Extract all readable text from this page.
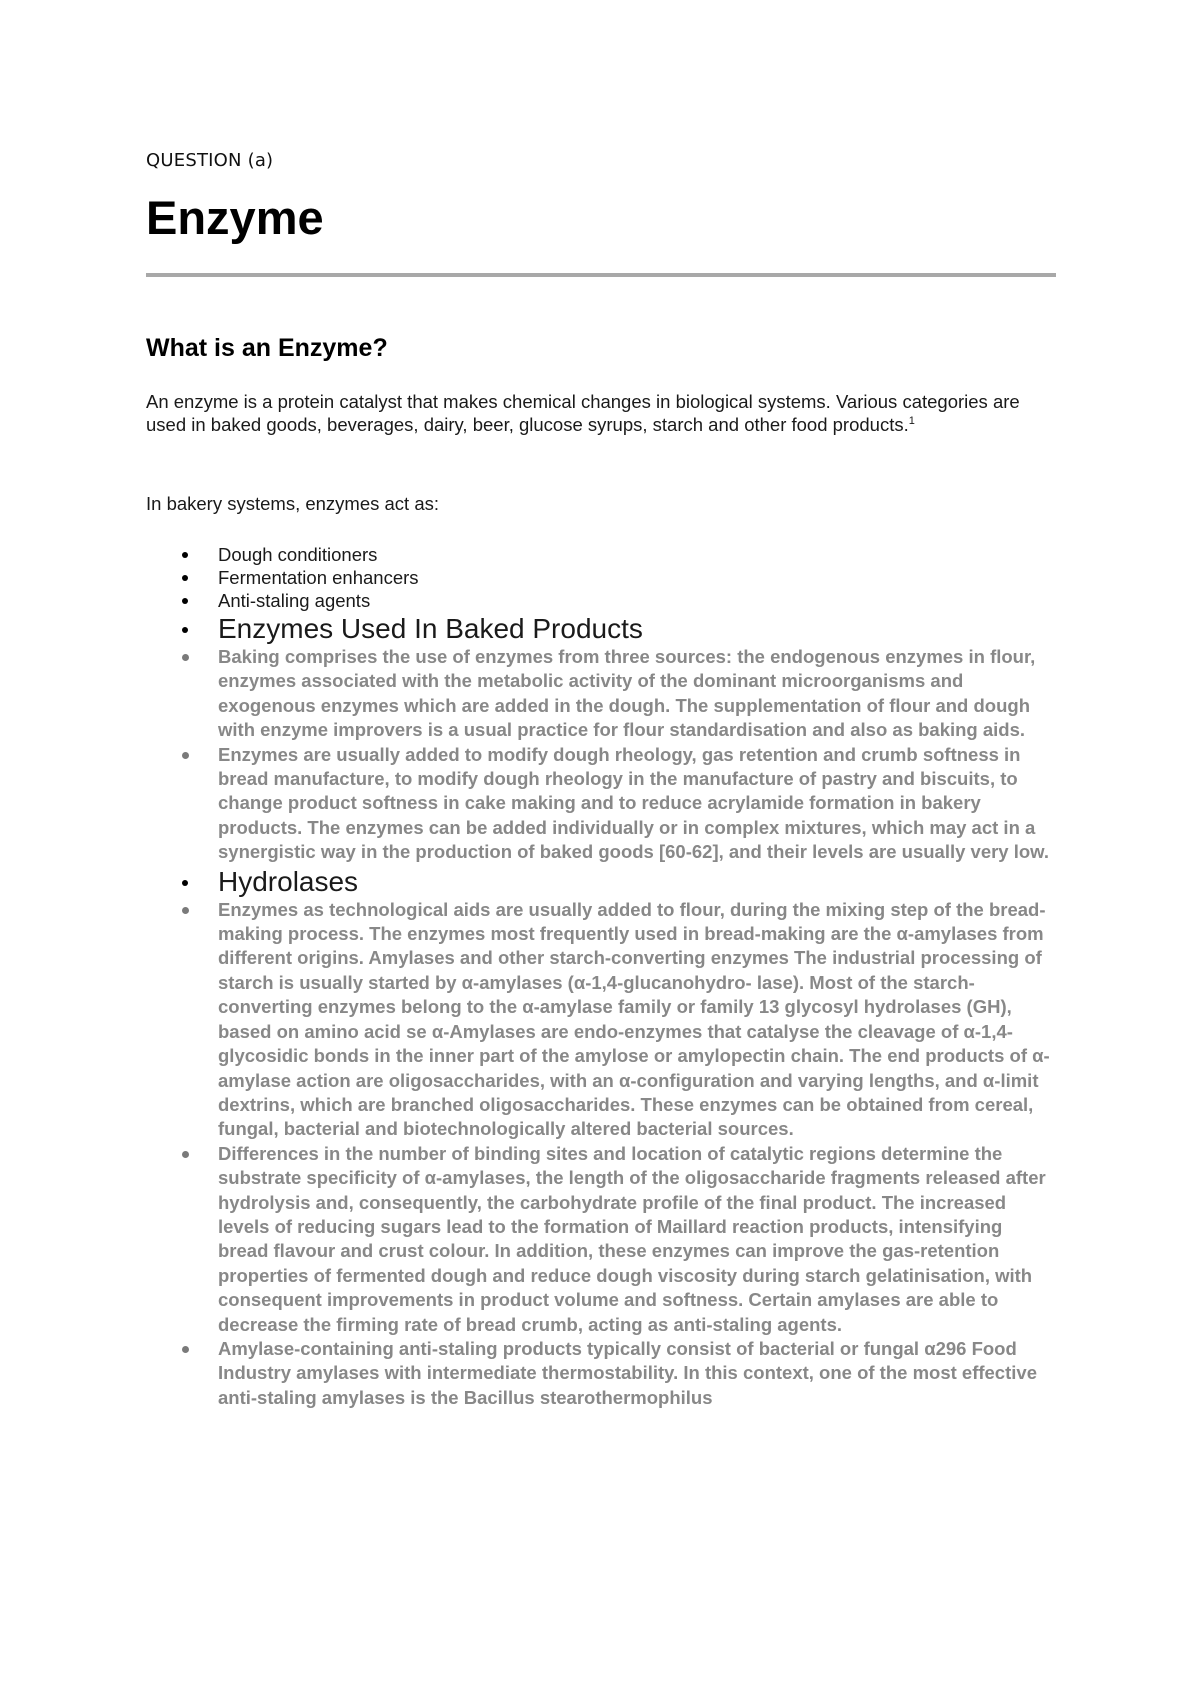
QUESTION (a)
Enzyme
What is an Enzyme?

An enzyme is a protein catalyst that makes chemical changes in biological systems. Various categories are used in baked goods, beverages, dairy, beer, glucose syrups, starch and other food products.$^1$

In bakery systems, enzymes act as:

Dough conditioners
Fermentation enhancers
Anti-staling agents
Enzymes Used In Baked Products
Baking comprises the use of enzymes from three sources: the endogenous enzymes in flour, enzymes associated with the metabolic activity of the dominant microorganisms and exogenous enzymes which are added in the dough. The supplementation of flour and dough with enzyme improvers is a usual practice for flour standardisation and also as baking aids.
Enzymes are usually added to modify dough rheology, gas retention and crumb softness in bread manufacture, to modify dough rheology in the manufacture of pastry and biscuits, to change product softness in cake making and to reduce acrylamide formation in bakery products. The enzymes can be added individually or in complex mixtures, which may act in a synergistic way in the production of baked goods [60-62], and their levels are usually very low.
Hydrolases
Enzymes as technological aids are usually added to flour, during the mixing step of the bread-making process. The enzymes most frequently used in bread-making are the α-amylases from different origins. Amylases and other starch-converting enzymes The industrial processing of starch is usually started by α-amylases (α-1,4-glucanohydro- lase). Most of the starch-converting enzymes belong to the α-amylase family or family 13 glycosyl hydrolases (GH), based on amino acid se α-Amylases are endo-enzymes that catalyse the cleavage of α-1,4-glycosidic bonds in the inner part of the amylose or amylopectin chain. The end products of α-amylase action are oligosaccharides, with an α-configuration and varying lengths, and α-limit dextrins, which are branched oligosaccharides. These enzymes can be obtained from cereal, fungal, bacterial and biotechnologically altered bacterial sources.
Differences in the number of binding sites and location of catalytic regions determine the substrate specificity of α-amylases, the length of the oligosaccharide fragments released after hydrolysis and, consequently, the carbohydrate profile of the final product. The increased levels of reducing sugars lead to the formation of Maillard reaction products, intensifying bread flavour and crust colour. In addition, these enzymes can improve the gas-retention properties of fermented dough and reduce dough viscosity during starch gelatinisation, with consequent improvements in product volume and softness. Certain amylases are able to decrease the firming rate of bread crumb, acting as anti-staling agents.
Amylase-containing anti-staling products typically consist of bacterial or fungal α296 Food Industry amylases with intermediate thermostability. In this context, one of the most effective anti-staling amylases is the Bacillus stearothermophilus
